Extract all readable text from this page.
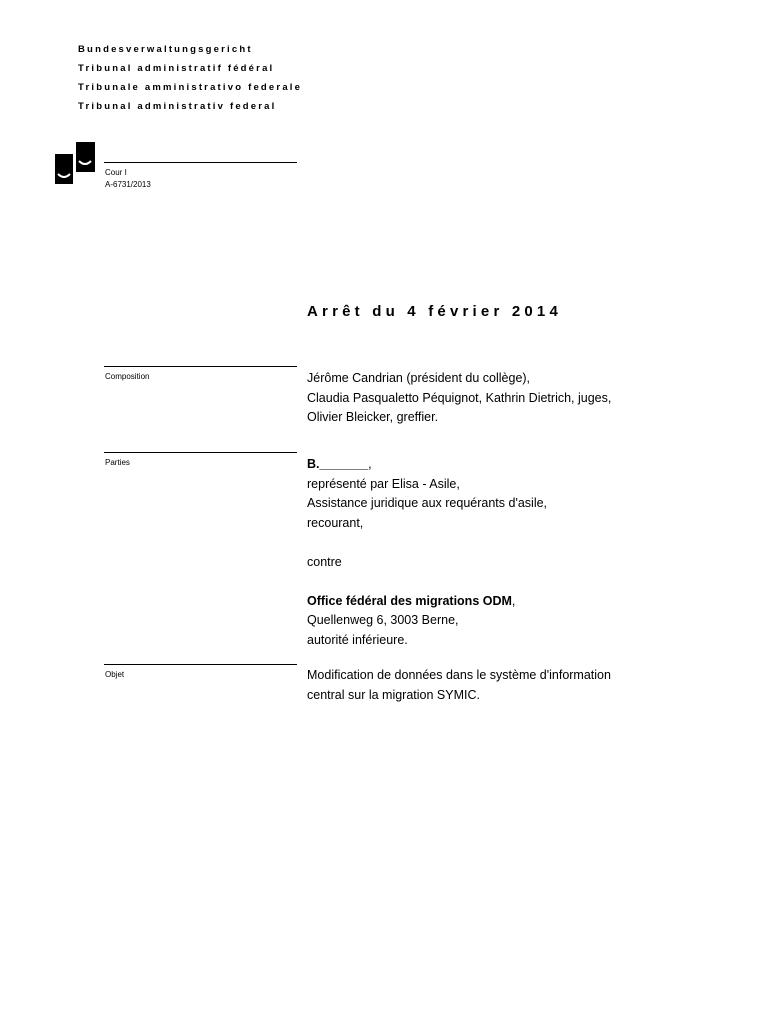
Bundesverwaltungsgericht
Tribunal administratif fédéral
Tribunale amministrativo federale
Tribunal administrativ federal
Cour I
A-6731/2013
Arrêt du 4 février 2014
Composition	Jérôme Candrian (président du collège),
Claudia Pasqualetto Péquignot, Kathrin Dietrich, juges,
Olivier Bleicker, greffier.
Parties	B._______,
représenté par Elisa - Asile,
Assistance juridique aux requérants d'asile,
recourant,
contre
Office fédéral des migrations ODM,
Quellenweg 6, 3003 Berne,
autorité inférieure.
Objet	Modification de données dans le système d'information
central sur la migration SYMIC.
